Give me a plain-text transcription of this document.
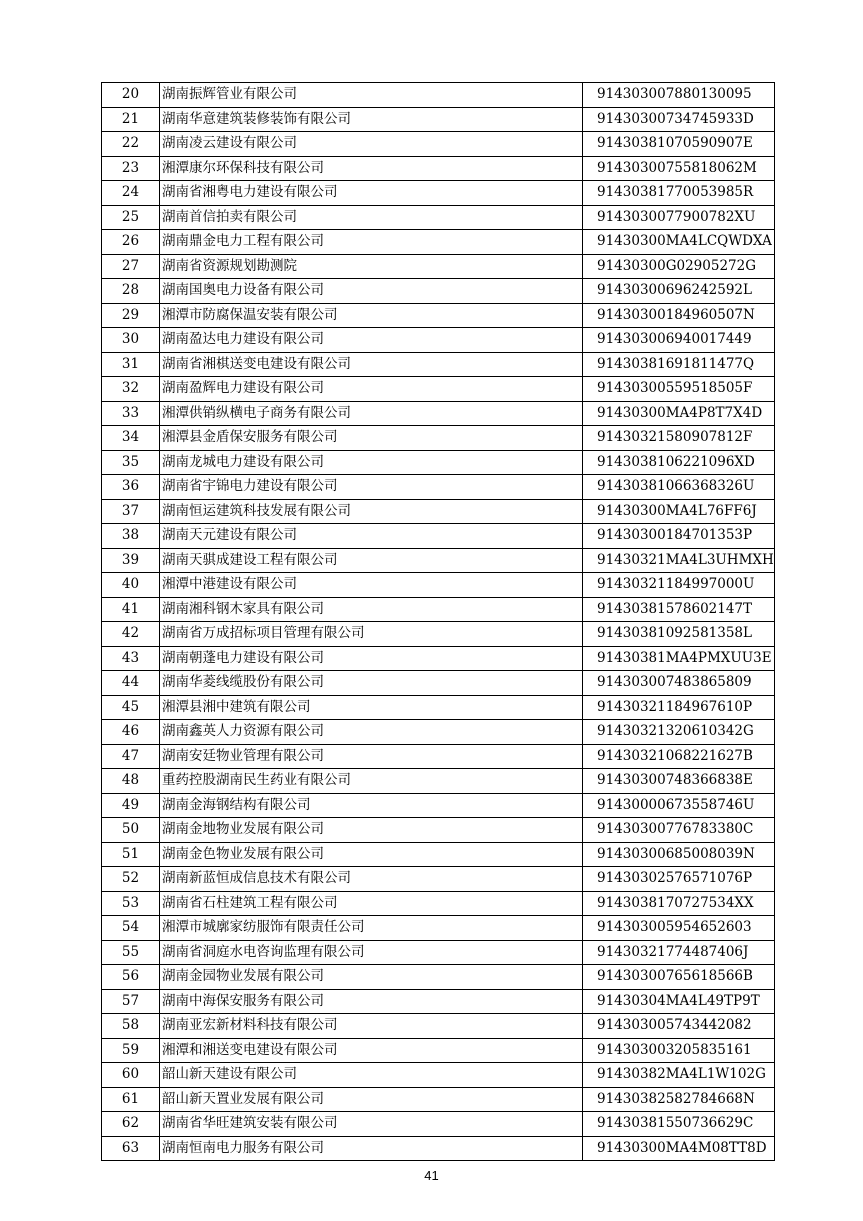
20	湖南振辉管业有限公司	914303007880130095
21	湖南华意建筑装修装饰有限公司	91430300734745933D
22	湖南凌云建设有限公司	91430381070590907E
23	湘潭康尔环保科技有限公司	91430300755818062M
24	湖南省湘粤电力建设有限公司	91430381770053985R
25	湖南首信拍卖有限公司	9143030077900782XU
26	湖南鼎金电力工程有限公司	91430300MA4LCQWDXA
27	湖南省资源规划勘测院	91430300G02905272G
28	湖南国奥电力设备有限公司	91430300696242592L
29	湘潭市防腐保温安装有限公司	91430300184960507N
30	湖南盈达电力建设有限公司	914303006940017449
31	湖南省湘棋送变电建设有限公司	91430381691811477Q
32	湖南盈辉电力建设有限公司	91430300559518505F
33	湘潭供销纵横电子商务有限公司	91430300MA4P8T7X4D
34	湘潭县金盾保安服务有限公司	91430321580907812F
35	湖南龙城电力建设有限公司	9143038106221096XD
36	湖南省宇锦电力建设有限公司	91430381066368326U
37	湖南恒运建筑科技发展有限公司	91430300MA4L76FF6J
38	湖南天元建设有限公司	91430300184701353P
39	湖南天骐成建设工程有限公司	91430321MA4L3UHMXH
40	湘潭中港建设有限公司	91430321184997000U
41	湖南湘科钢木家具有限公司	91430381578602147T
42	湖南省万成招标项目管理有限公司	91430381092581358L
43	湖南朝蓬电力建设有限公司	91430381MA4PMXUU3E
44	湖南华菱线缆股份有限公司	914303007483865809
45	湘潭县湘中建筑有限公司	91430321184967610P
46	湖南鑫英人力资源有限公司	91430321320610342G
47	湖南安廷物业管理有限公司	91430321068221627B
48	重药控股湖南民生药业有限公司	91430300748366838E
49	湖南金海钢结构有限公司	91430000673558746U
50	湖南金地物业发展有限公司	91430300776783380C
51	湖南金色物业发展有限公司	91430300685008039N
52	湖南新蓝恒成信息技术有限公司	91430302576571076P
53	湖南省石柱建筑工程有限公司	9143038170727534XX
54	湘潭市城廓家纺服饰有限责任公司	914303005954652603
55	湖南省洞庭水电咨询监理有限公司	91430321774487406J
56	湖南金园物业发展有限公司	91430300765618566B
57	湖南中海保安服务有限公司	91430304MA4L49TP9T
58	湖南亚宏新材料科技有限公司	914303005743442082
59	湘潭和湘送变电建设有限公司	914303003205835161
60	韶山新天建设有限公司	91430382MA4L1W102G
61	韶山新天置业发展有限公司	91430382582784668N
62	湖南省华旺建筑安装有限公司	91430381550736629C
63	湖南恒南电力服务有限公司	91430300MA4M08TT8D
41
